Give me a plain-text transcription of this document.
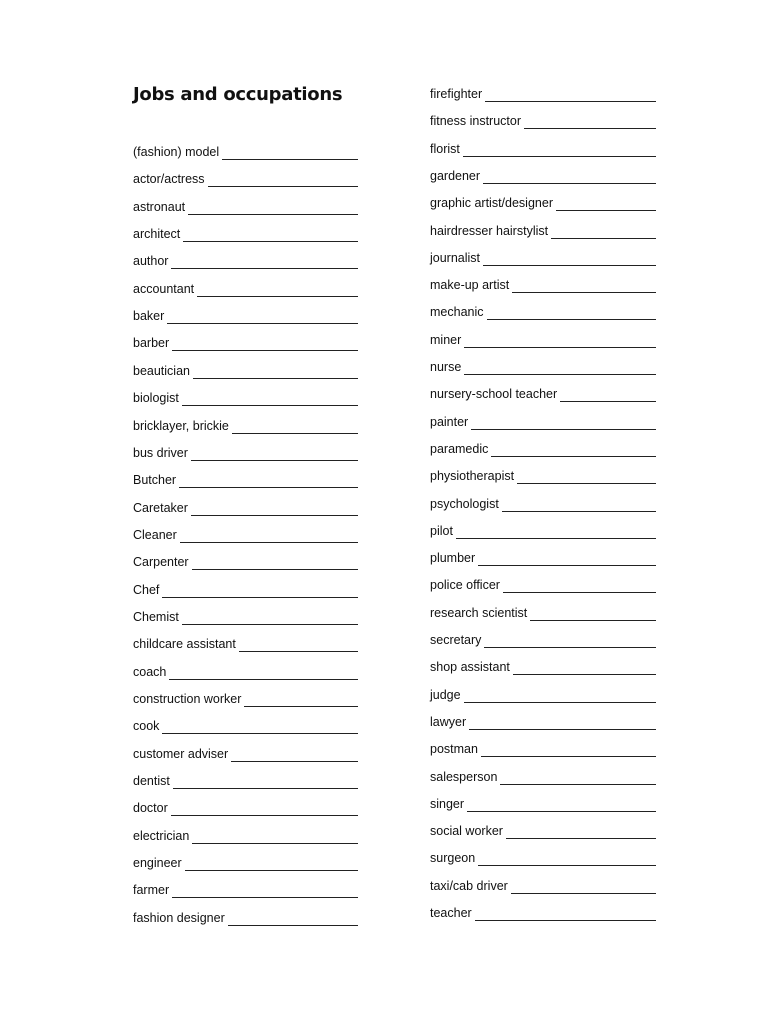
Jobs and occupations
(fashion) model
actor/actress
astronaut
architect
author
accountant
baker
barber
beautician
biologist
bricklayer, brickie
bus driver
Butcher
Caretaker
Cleaner
Carpenter
Chef
Chemist
childcare assistant
coach
construction worker
cook
customer adviser
dentist
doctor
electrician
engineer
farmer
fashion designer
firefighter
fitness instructor
florist
gardener
graphic artist/designer
hairdresser hairstylist
journalist
make-up artist
mechanic
miner
nurse
nursery-school teacher
painter
paramedic
physiotherapist
psychologist
pilot
plumber
police officer
research scientist
secretary
shop assistant
judge
lawyer
postman
salesperson
singer
social worker
surgeon
taxi/cab driver
teacher
